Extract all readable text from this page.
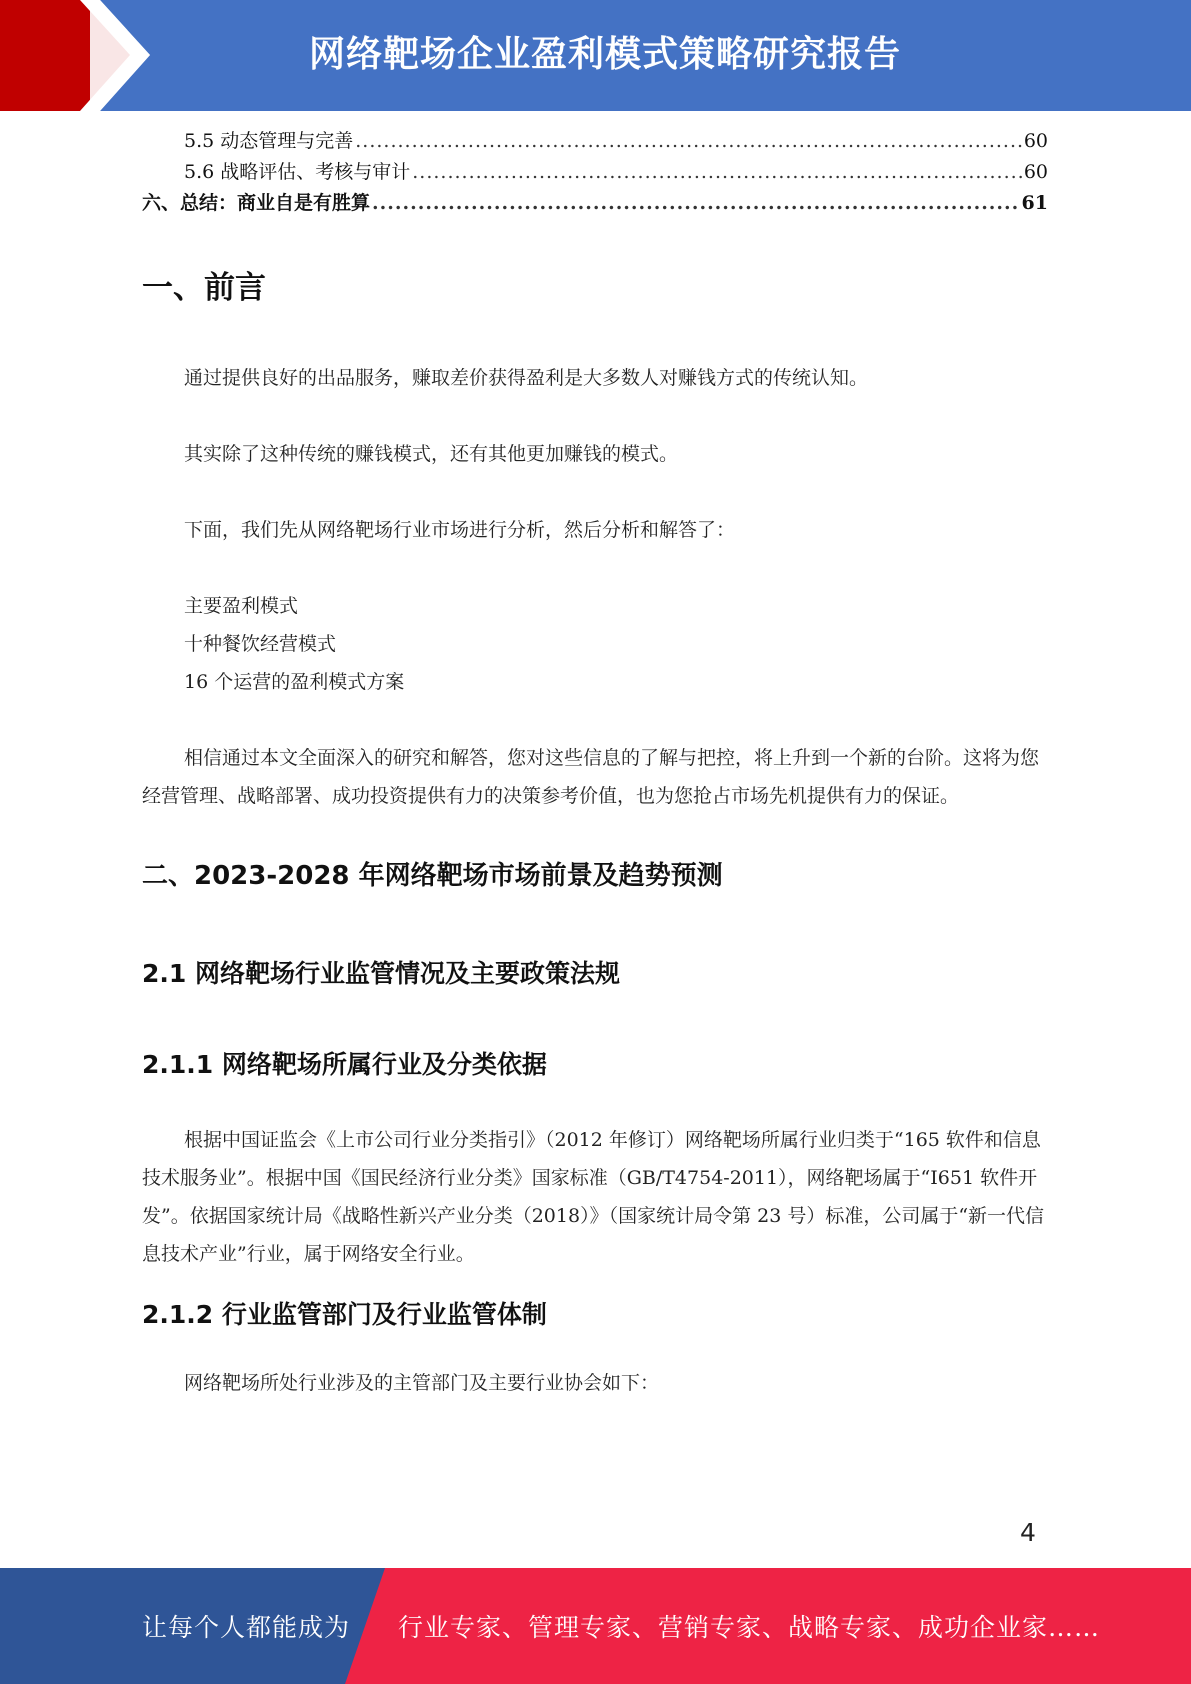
网络靶场企业盈利模式策略研究报告
5.5 动态管理与完善 .....	60
5.6 战略评估、考核与审计 .....	60
六、总结：商业自是有胜算 .....	61
一、前言

通过提供良好的出品服务，赚取差价获得盈利是大多数人对赚钱方式的传统认知。

其实除了这种传统的赚钱模式，还有其他更加赚钱的模式。

下面，我们先从网络靶场行业市场进行分析，然后分析和解答了：

主要盈利模式

十种餐饮经营模式

16 个运营的盈利模式方案

相信通过本文全面深入的研究和解答，您对这些信息的了解与把控，将上升到一个新的台阶。这将为您经营管理、战略部署、成功投资提供有力的决策参考价值，也为您抢占市场先机提供有力的保证。

二、2023-2028 年网络靶场市场前景及趋势预测
2.1 网络靶场行业监管情况及主要政策法规
2.1.1 网络靶场所属行业及分类依据

根据中国证监会《上市公司行业分类指引》（2012 年修订）网络靶场所属行业归类于“165 软件和信息技术服务业”。根据中国《国民经济行业分类》国家标准（GB/T4754-2011），网络靶场属于“I651 软件开发”。依据国家统计局《战略性新兴产业分类（2018）》（国家统计局令第 23 号）标准，公司属于“新一代信息技术产业”行业，属于网络安全行业。

2.1.2 行业监管部门及行业监管体制

网络靶场所处行业涉及的主管部门及主要行业协会如下：

4
让每个人都能成为 行业专家、管理专家、营销专家、战略专家、成功企业家……
